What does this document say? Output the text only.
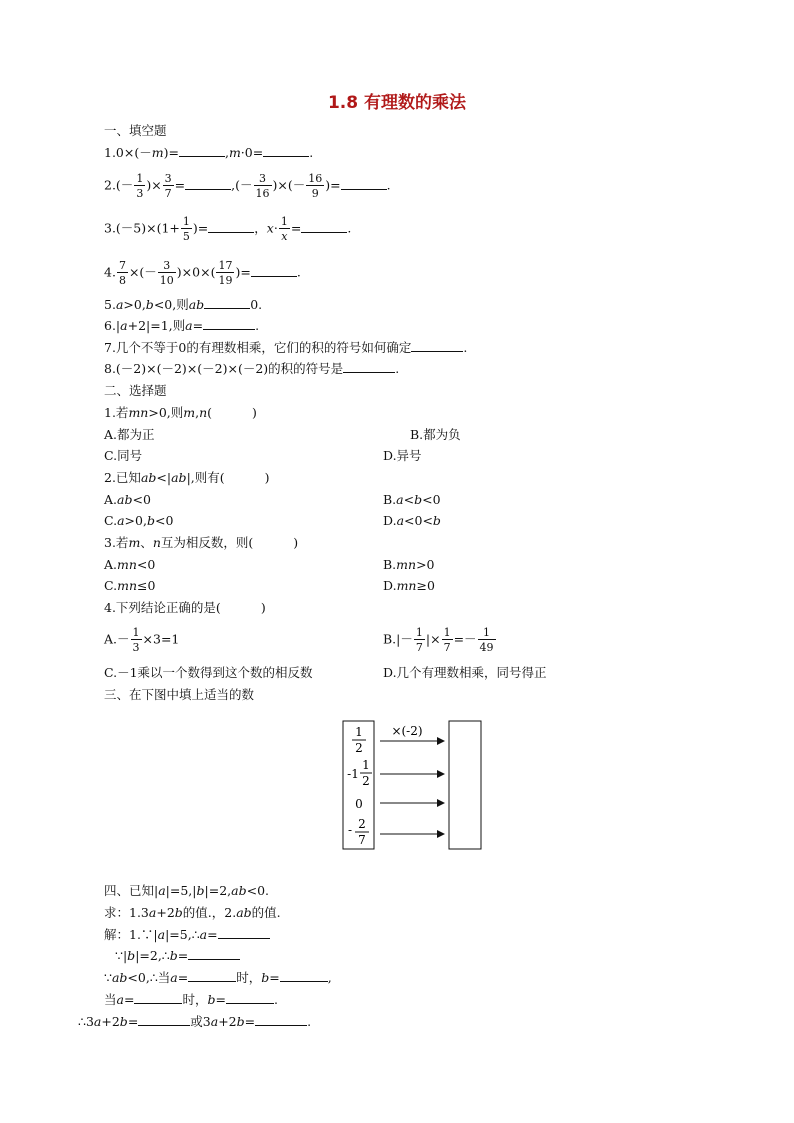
1.8 有理数的乘法
一、填空题
1.0×(－m)=	,m·0=	.
$2.(- \frac{1}{3}$ )× $\frac{3}{7}$ =	,(－ $\frac{3}{16}$ )×(－ $\frac{16}{9}$ )=	.
$3.(-5)\times(1+ \frac{1}{5}$ )=	，$x\cdot \frac{1}{x}$ =	.
4. $\frac{7}{8}$ ×(－ $\frac{3}{10} )\times 0\times( \frac{17}{19}$ )=	.
5.a>0,b<0,则ab	0.
6.|a+2|=1,则a=	.
7.几个不等于0的有理数相乘，它们的积的符号如何确定	.
8.(－2)×(－2)×(－2)×(－2)的积的符号是	.
二、选择题
1.若mn>0,则m,n(	)
A.都为正	B.都为负
C.同号	D.异号
2.已知ab<|ab|,则有(	)
A.ab<0	B.a<b<0
C.a>0,b<0	D.a<0<b
3.若m、n互为相反数，则(	)
A.mn<0	B.mn>0
C.mn≤0	D.mn≥0
4.下列结论正确的是(	)
$A.- \frac{1}{3} \times 3=1$	$B.|- \frac{1}{7}$ |× $\frac{1}{7} =- \frac{1}{49}$
C.－1乘以一个数得到这个数的相反数	D.几个有理数相乘，同号得正
三、在下图中填上适当的数
1
2
-1
1
2
0
- 2
7
×(-2)
四、已知|a|=5,|b|=2,ab<0.
求：1.3a+2b的值.，2.ab的值.
解：1.∵|a|=5,∴a=
∵|b|=2,∴b=
∵ab<0,∴当a=	时，b=	,
当a=	时，b=	.
∴3a+2b=	或3a+2b=	.
